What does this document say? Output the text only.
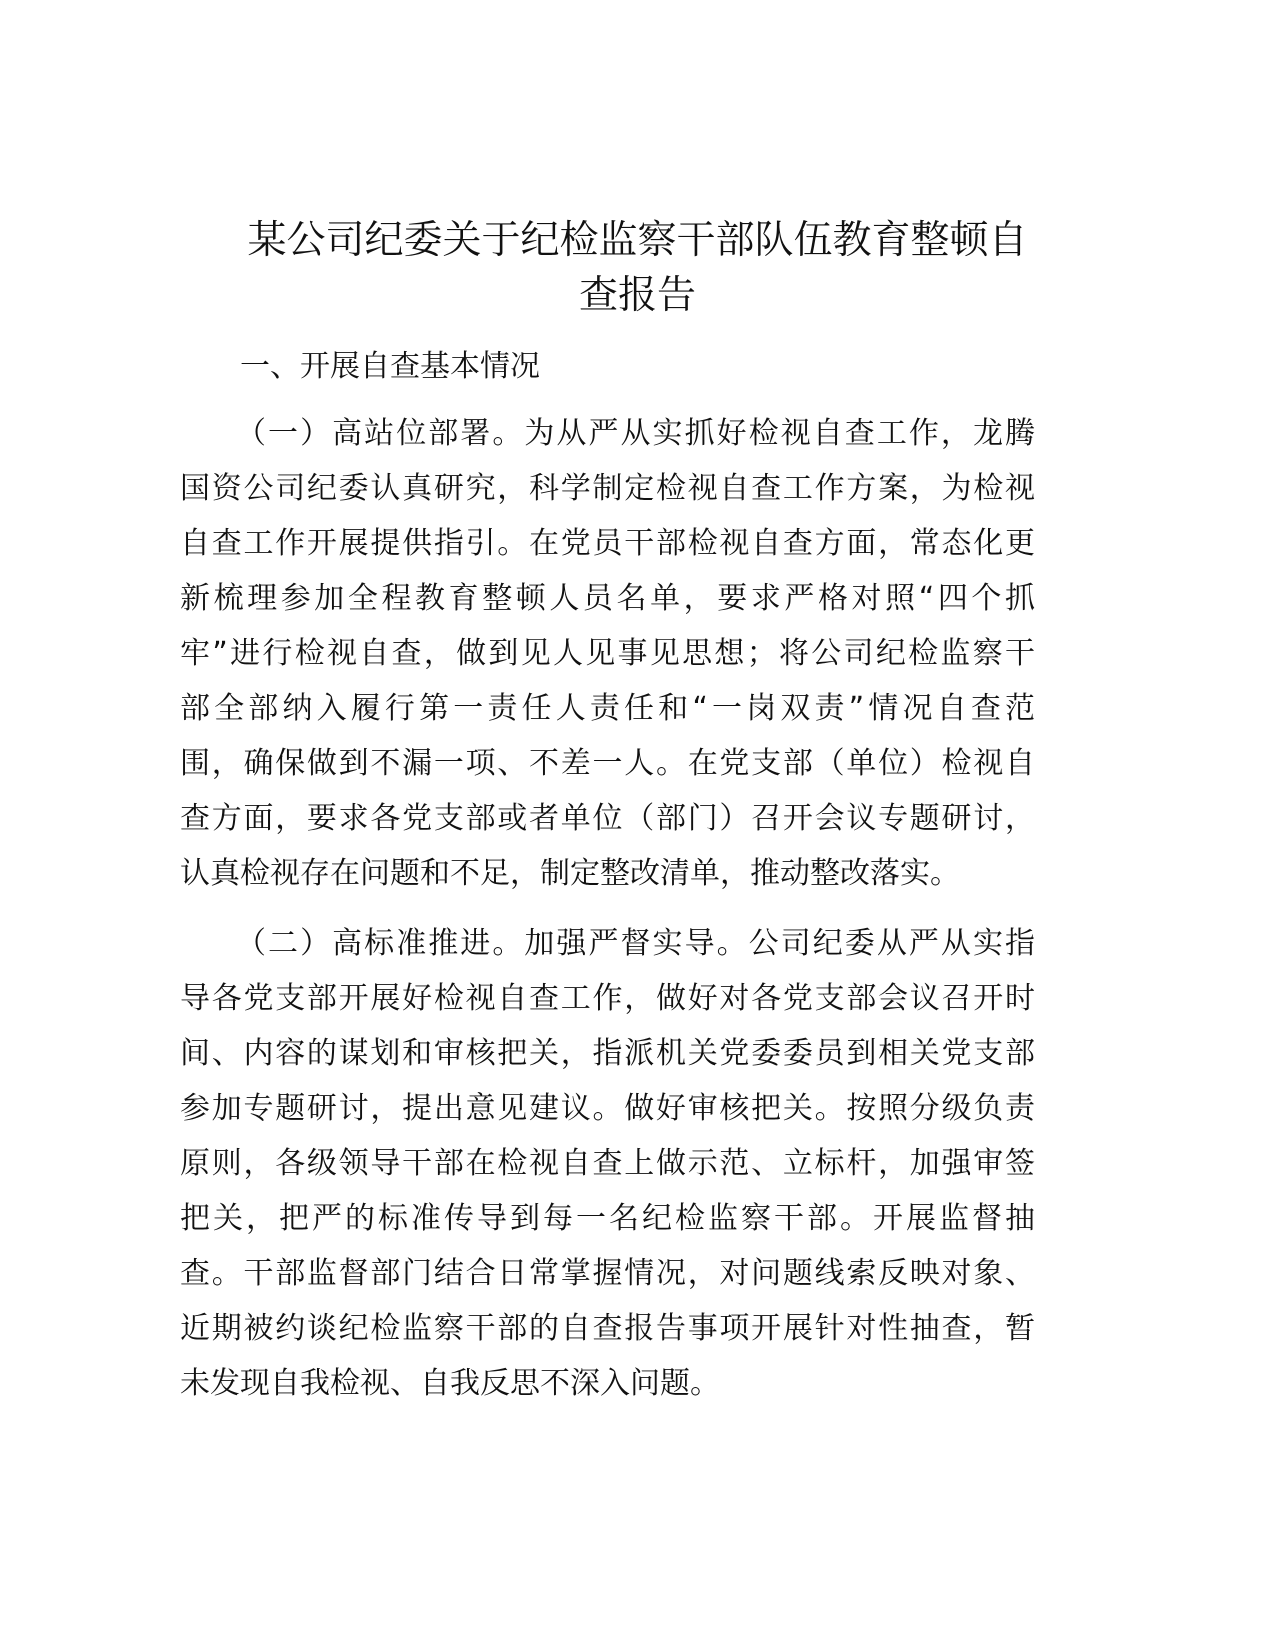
某公司纪委关于纪检监察干部队伍教育整顿自
查报告
一、开展自查基本情况
（一）高站位部署。为从严从实抓好检视自查工作，龙腾
国资公司纪委认真研究，科学制定检视自查工作方案，为检视
自查工作开展提供指引。在党员干部检视自查方面，常态化更
新梳理参加全程教育整顿人员名单，要求严格对照“四个抓
牢”进行检视自查，做到见人见事见思想；将公司纪检监察干
部全部纳入履行第一责任人责任和“一岗双责”情况自查范
围，确保做到不漏一项、不差一人。在党支部（单位）检视自
查方面，要求各党支部或者单位（部门）召开会议专题研讨，
认真检视存在问题和不足，制定整改清单，推动整改落实。
（二）高标准推进。加强严督实导。公司纪委从严从实指
导各党支部开展好检视自查工作，做好对各党支部会议召开时
间、内容的谋划和审核把关，指派机关党委委员到相关党支部
参加专题研讨，提出意见建议。做好审核把关。按照分级负责
原则，各级领导干部在检视自查上做示范、立标杆，加强审签
把关，把严的标准传导到每一名纪检监察干部。开展监督抽
查。干部监督部门结合日常掌握情况，对问题线索反映对象、
近期被约谈纪检监察干部的自查报告事项开展针对性抽查，暂
未发现自我检视、自我反思不深入问题。
